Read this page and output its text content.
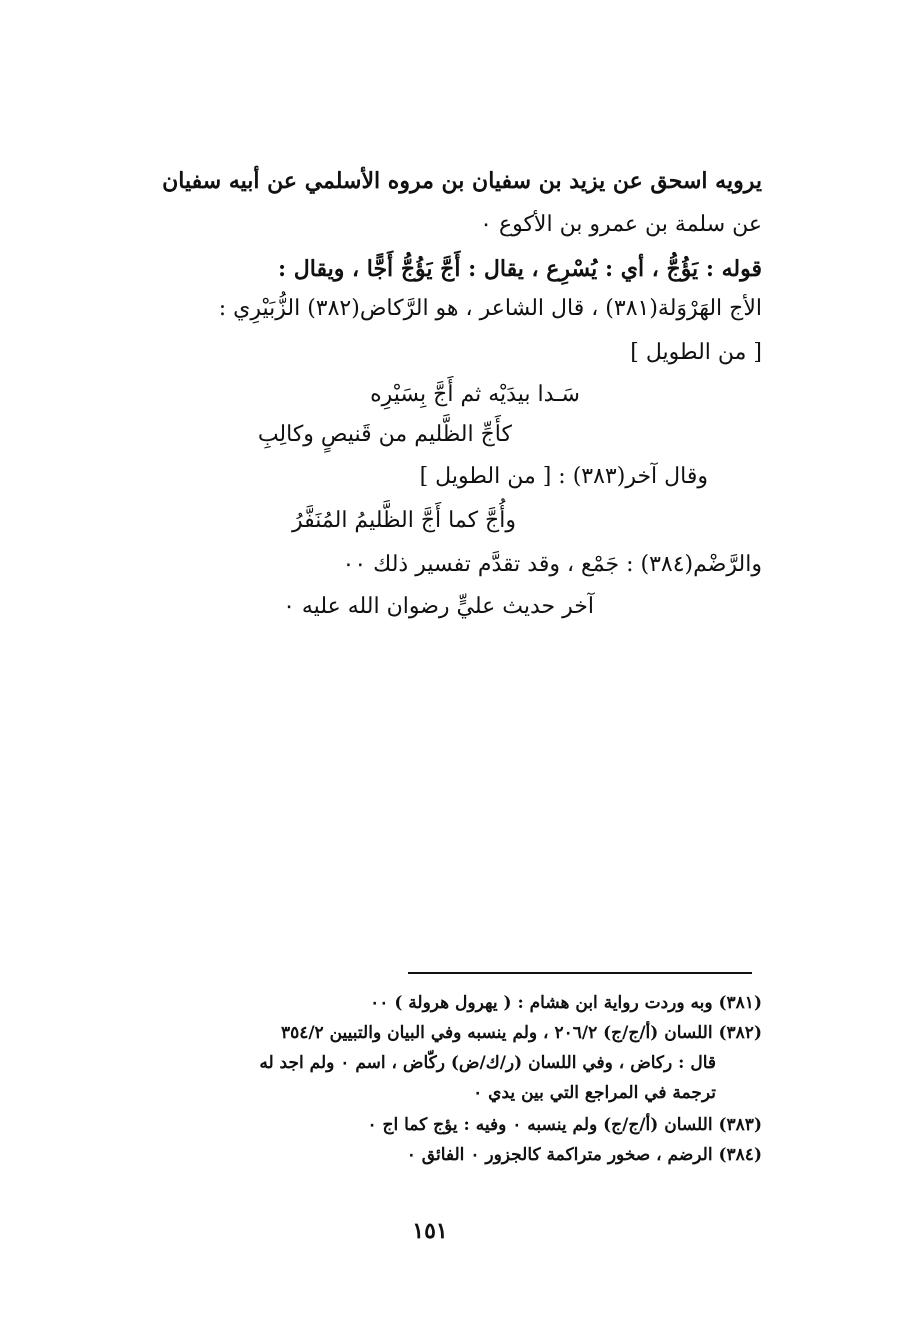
يرويه اسحق عن يزيد بن سفيان بن مروه الأسلمي عن أبيه سفيان
عن سلمة بن عمرو بن الأكوع ٠
قوله : يَؤُجُّ ، أي : يُسْرِع ، يقال : أَجَّ يَؤُجُّ أَجًّا ، ويقال :
الأج الهَرْوَلة(٣٨١) ، قال الشاعر ، هو الرَّكاض(٣٨٢) الزُّبَيْرِي :
[ من الطويل ]
سَـدا بيدَيْه ثم أَجَّ بِسَيْرِه
كأَجِّ الظَّليم من قَنيصٍ وكالِبِ
وقال آخر(٣٨٣) : [ من الطويل ]
وأُجَّ كما أَجَّ الظَّليمُ المُنَفَّرُ
والرَّضْم(٣٨٤) : جَمْع ، وقد تقدَّم تفسير ذلك ٠٠
آخر حديث عليٍّ رضوان الله عليه ٠
(٣٨١) وبه وردت رواية ابن هشام : ( يهرول هرولة ) ٠٠
(٣٨٢) اللسان (أ/ج/ج) ٢٠٦/٢ ، ولم ينسبه وفي البيان والتبيين ٣٥٤/٢
قال : ركاض ، وفي اللسان (ر/ك/ض) ركّاض ، اسم ٠ ولم اجد له
ترجمة في المراجع التي بين يدي ٠
(٣٨٣) اللسان (أ/ج/ج) ولم ينسبه ٠ وفيه : يؤج كما اج ٠
(٣٨٤) الرضم ، صخور متراكمة كالجزور ٠ الفائق ٠
١٥١
